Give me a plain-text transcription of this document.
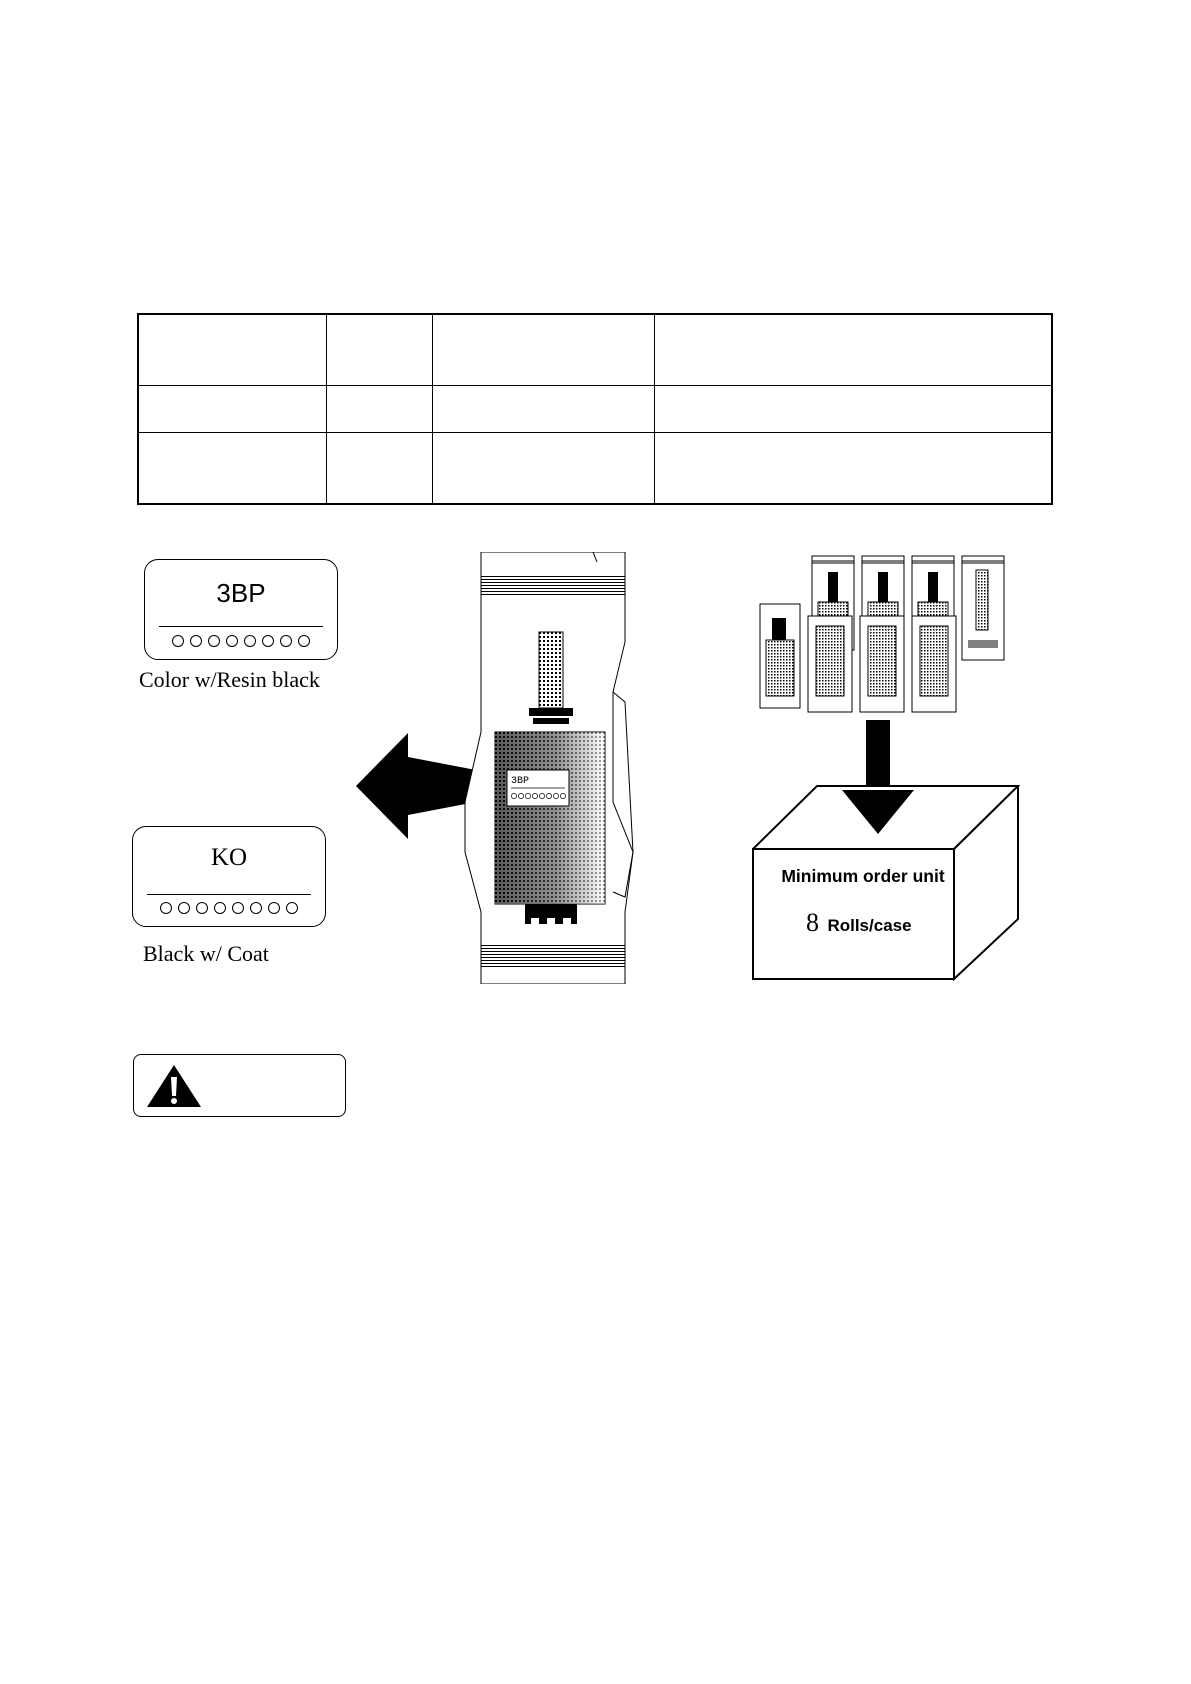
3BP
Color w/Resin black
KO
Black w/ Coat
3BP
Minimum order unit
8 Rolls/case
